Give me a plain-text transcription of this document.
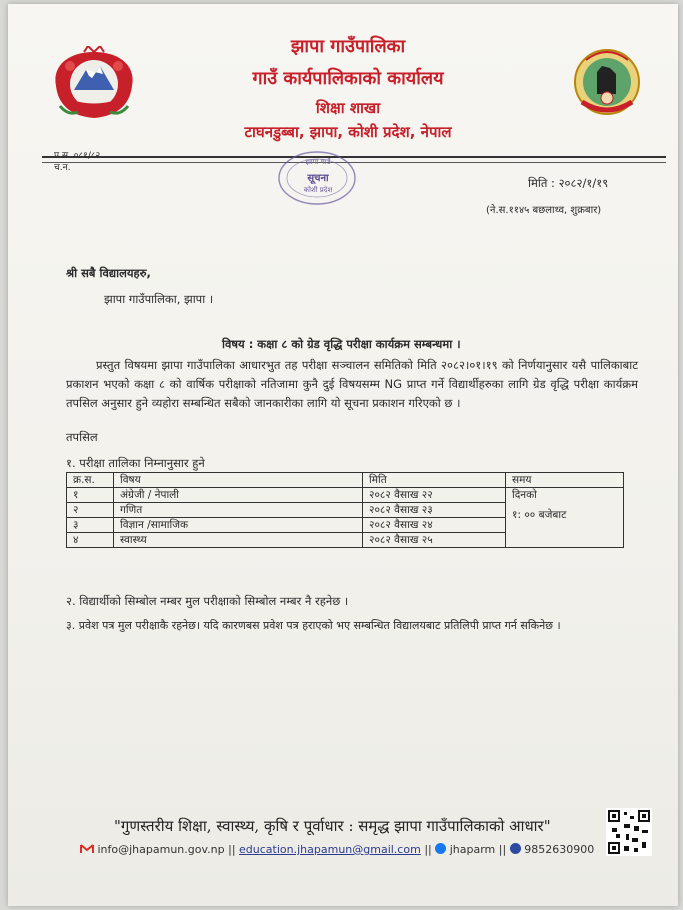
झापा गाउँपालिका
गाउँ कार्यपालिकाको कार्यालय
शिक्षा शाखा
टाघनडुब्बा, झापा, कोशी प्रदेश, नेपाल
च.न.
झापा गाउँ
सूचना
कोशी प्रदेश	मिति : २०८२/१/१९
(ने.स.११४५ बछलाथ्व, शुक्रबार)
श्री सबै विद्यालयहरु,
झापा गाउँपालिका, झापा ।
विषय : कक्षा ८ को ग्रेड वृद्धि परीक्षा कार्यक्रम सम्बन्धमा ।
प्रस्तुत विषयमा झापा गाउँपालिका आधारभुत तह परीक्षा सञ्चालन समितिको मिति २०८२।०१।१९ को निर्णयानुसार यसै पालिकाबाट प्रकाशन भएको कक्षा ८ को वार्षिक परीक्षाको नतिजामा कुनै दुई विषयसम्म NG प्राप्त गर्ने विद्यार्थीहरुका लागि ग्रेड वृद्धि परीक्षा कार्यक्रम तपसिल अनुसार हुने व्यहोरा सम्बन्धित सबैको जानकारीका लागि यो सूचना प्रकाशन गरिएको छ ।
तपसिल
१. परीक्षा तालिका निम्नानुसार हुने
क्र.स.	विषय	मिति	समय
१	अंग्रेजी / नेपाली	२०८२ वैसाख २२	दिनको
१: ०० बजेबाट

२	गणित	२०८२ वैसाख २३	
३	विज्ञान /सामाजिक	२०८२ वैसाख २४	
४	स्वास्थ्य	२०८२ वैसाख २५	
२. विद्यार्थीको सिम्बोल नम्बर मुल परीक्षाको सिम्बोल नम्बर नै रहनेछ ।
३. प्रवेश पत्र मुल परीक्षाकै रहनेछ। यदि कारणबस प्रवेश पत्र हराएको भए सम्बन्धित विद्यालयबाट प्रतिलिपी प्राप्त गर्न सकिनेछ ।
"गुणस्तरीय शिक्षा, स्वास्थ्य, कृषि र पूर्वाधार : समृद्ध झापा गाउँपालिकाको आधार"
info@jhapamun.gov.np || education.jhapamun@gmail.com || jhaparm || 9852630900
